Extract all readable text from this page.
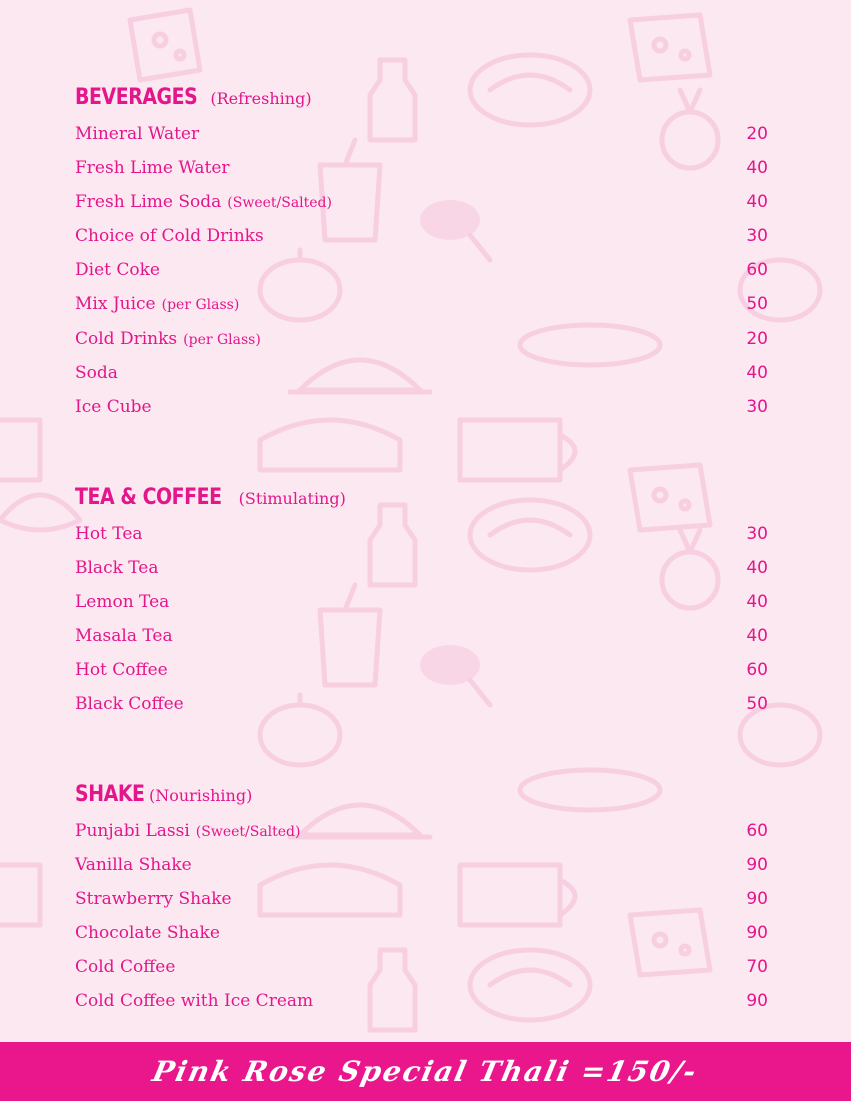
BEVERAGES (Refreshing)
Mineral Water	20
Fresh Lime Water	40
Fresh Lime Soda (Sweet/Salted)	40
Choice of Cold Drinks	30
Diet Coke	60
Mix Juice (per Glass)	50
Cold Drinks (per Glass)	20
Soda	40
Ice Cube	30
TEA & COFFEE (Stimulating)
Hot Tea	30
Black Tea	40
Lemon Tea	40
Masala Tea	40
Hot Coffee	60
Black Coffee	50
SHAKE (Nourishing)
Punjabi Lassi (Sweet/Salted)	60
Vanilla Shake	90
Strawberry Shake	90
Chocolate Shake	90
Cold Coffee	70
Cold Coffee with Ice Cream	90
Pink Rose Special Thali =150/-
